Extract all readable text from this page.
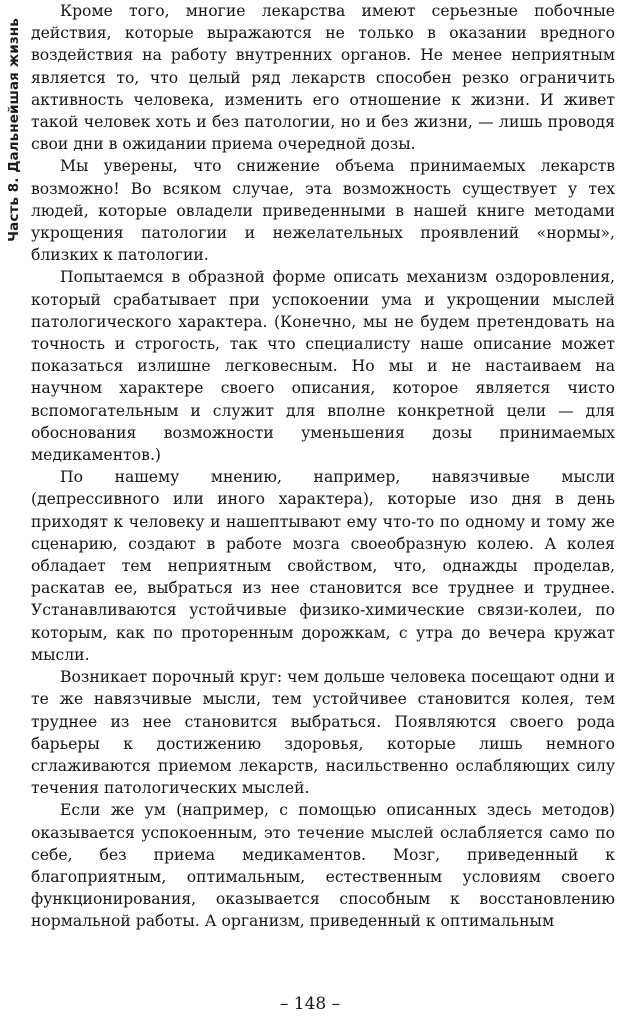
Часть 8. Дальнейшая жизнь

Кроме того, многие лекарства имеют серьезные побочные действия, которые выражаются не только в оказании вредного воздействия на работу внутренних органов. Не менее неприятным является то, что целый ряд лекарств способен резко ограничить активность человека, изменить его отношение к жизни. И живет такой человек хоть и без патологии, но и без жизни, — лишь проводя свои дни в ожидании приема очередной дозы.

Мы уверены, что снижение объема принимаемых лекарств возможно! Во всяком случае, эта возможность существует у тех людей, которые овладели приведенными в нашей книге методами укрощения патологии и нежелательных проявлений «нормы», близких к патологии.

Попытаемся в образной форме описать механизм оздоровления, который срабатывает при успокоении ума и укрощении мыслей патологического характера. (Конечно, мы не будем претендовать на точность и строгость, так что специалисту наше описание может показаться излишне легковесным. Но мы и не настаиваем на научном характере своего описания, которое является чисто вспомогательным и служит для вполне конкретной цели — для обоснования возможности уменьшения дозы принимаемых медикаментов.)

По нашему мнению, например, навязчивые мысли (депрессивного или иного характера), которые изо дня в день приходят к человеку и нашептывают ему что-то по одному и тому же сценарию, создают в работе мозга своеобразную колею. А колея обладает тем неприятным свойством, что, однажды проделав, раскатав ее, выбраться из нее становится все труднее и труднее. Устанавливаются устойчивые физико-химические связи-колеи, по которым, как по проторенным дорожкам, с утра до вечера кружат мысли.

Возникает порочный круг: чем дольше человека посещают одни и те же навязчивые мысли, тем устойчивее становится колея, тем труднее из нее становится выбраться. Появляются своего рода барьеры к достижению здоровья, которые лишь немного сглаживаются приемом лекарств, насильственно ослабляющих силу течения патологических мыслей.

Если же ум (например, с помощью описанных здесь методов) оказывается успокоенным, это течение мыслей ослабляется само по себе, без приема медикаментов. Мозг, приведенный к благоприятным, оптимальным, естественным условиям своего функционирования, оказывается способным к восстановлению нормальной работы. А организм, приведенный к оптимальным

– 148 –
